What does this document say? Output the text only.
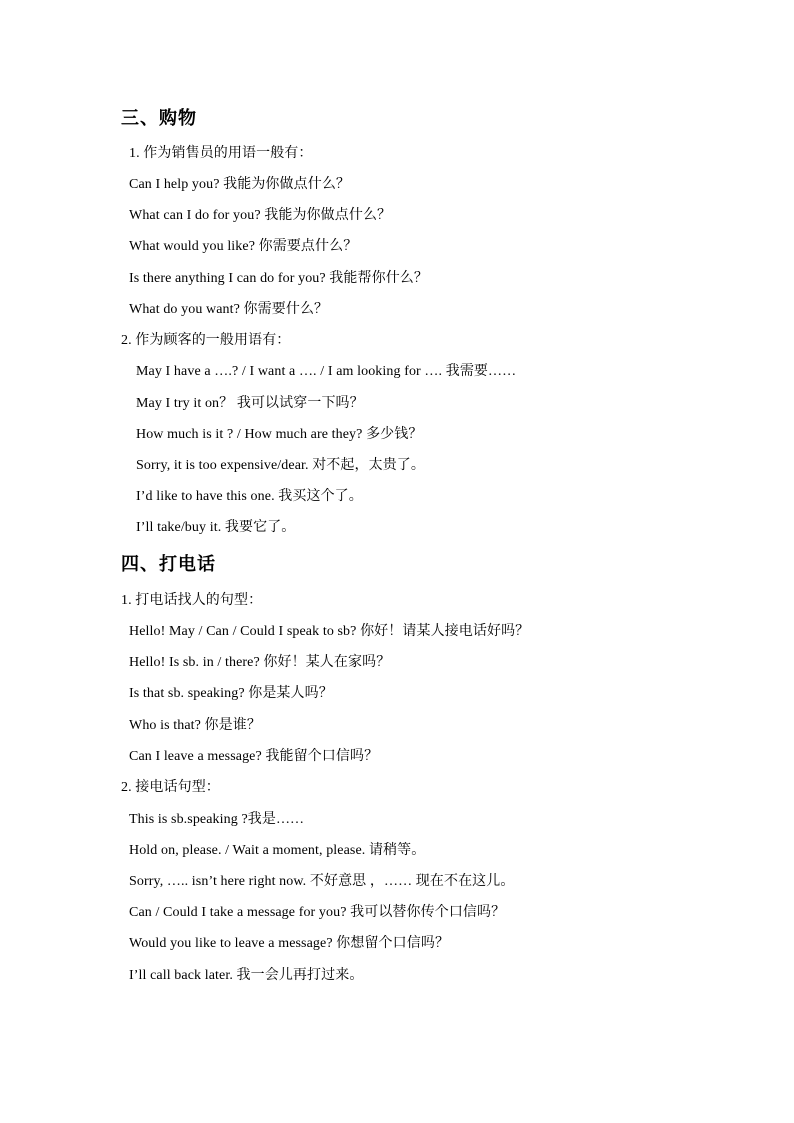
三、购物
1. 作为销售员的用语一般有：
Can I help you? 我能为你做点什么？
What can I do for you? 我能为你做点什么？
What would you like? 你需要点什么？
Is there anything I can do for you? 我能帮你什么？
What do you want? 你需要什么？
2. 作为顾客的一般用语有：
May I have a ….? / I want a …. / I am looking for …. 我需要……
May I try it on？ 我可以试穿一下吗？
How much is it ? / How much are they? 多少钱？
Sorry, it is too expensive/dear. 对不起，太贵了。
I’d like to have this one. 我买这个了。
I’ll take/buy it. 我要它了。
四、打电话
1. 打电话找人的句型：
Hello! May / Can / Could I speak to sb? 你好！请某人接电话好吗？
Hello! Is sb. in / there? 你好！某人在家吗？
Is that sb. speaking? 你是某人吗？
Who is that? 你是谁？
Can I leave a message? 我能留个口信吗？
2. 接电话句型：
This is sb.speaking ?我是……
Hold on, please. / Wait a moment, please. 请稍等。
Sorry, ….. isn’t here right now. 不好意思 ，…… 现在不在这儿。
Can / Could I take a message for you? 我可以替你传个口信吗？
Would you like to leave a message? 你想留个口信吗？
I’ll call back later. 我一会儿再打过来。
